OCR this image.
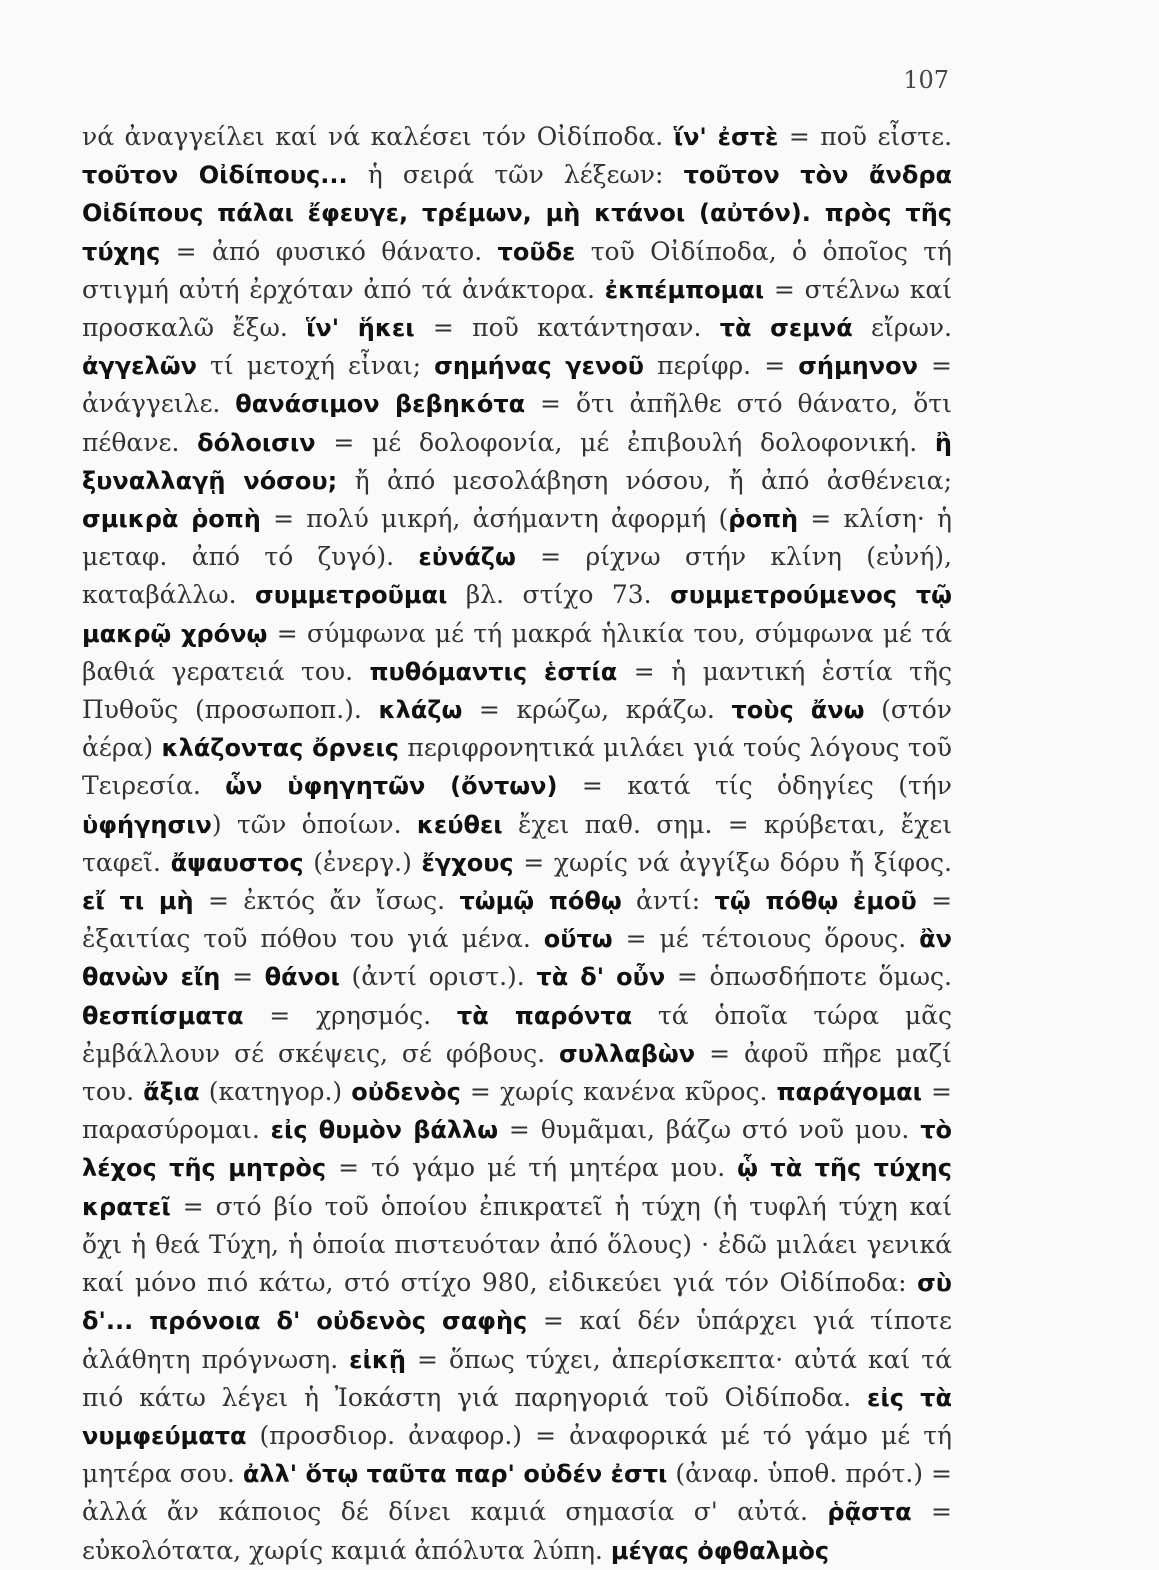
107
νά ἀναγγείλει καί νά καλέσει τόν Οἰδίποδα. ἵν' ἐστὲ = ποῦ εἶστε. τοῦτον Οἰδίπους... ἡ σειρά τῶν λέξεων: τοῦτον τὸν ἄνδρα Οἰδίπους πάλαι ἔφευγε, τρέμων, μὴ κτάνοι (αὐτόν). πρὸς τῆς τύχης = ἀπό φυσικό θάνατο. τοῦδε τοῦ Οἰδίποδα, ὁ ὁποῖος τή στιγμή αὐτή ἐρχόταν ἀπό τά ἀνάκτορα. ἐκπέμπομαι = στέλνω καί προσκαλῶ ἔξω. ἵν' ἥκει = ποῦ κατάντησαν. τὰ σεμνά εἴρων. ἀγγελῶν τί μετοχή εἶναι; σημήνας γενοῦ περίφρ. = σήμηνον = ἀνάγγειλε. θανάσιμον βεβηκότα = ὅτι ἀπῆλθε στό θάνατο, ὅτι πέθανε. δόλοισιν = μέ δολοφονία, μέ ἐπιβουλή δολοφονική. ἢ ξυναλλαγῇ νόσου; ἤ ἀπό μεσολάβηση νόσου, ἤ ἀπό ἀσθένεια; σμικρὰ ῥοπὴ = πολύ μικρή, ἀσήμαντη ἀφορμή (ῥοπὴ = κλίση· ἡ μεταφ. ἀπό τό ζυγό). εὐνάζω = ρίχνω στήν κλίνη (εὐνή), καταβάλλω. συμμετροῦμαι βλ. στίχο 73. συμμετρούμενος τῷ μακρῷ χρόνῳ = σύμφωνα μέ τή μακρά ἡλικία του, σύμφωνα μέ τά βαθιά γερατειά του. πυθόμαντις ἑστία = ἡ μαντική ἑστία τῆς Πυθοῦς (προσωποπ.). κλάζω = κρώζω, κράζω. τοὺς ἄνω (στόν ἀέρα) κλάζοντας ὄρνεις περιφρονητικά μιλάει γιά τούς λόγους τοῦ Τειρεσία. ὧν ὑφηγητῶν (ὄντων) = κατά τίς ὁδηγίες (τήν ὑφήγησιν) τῶν ὁποίων. κεύθει ἔχει παθ. σημ. = κρύβεται, ἔχει ταφεῖ. ἄψαυστος (ἐνεργ.) ἔγχους = χωρίς νά ἀγγίξω δόρυ ἤ ξίφος. εἴ τι μὴ = ἐκτός ἄν ἴσως. τὠμῷ πόθῳ ἀντί: τῷ πόθῳ ἐμοῦ = ἐξαιτίας τοῦ πόθου του γιά μένα. οὕτω = μέ τέτοιους ὅρους. ἂν θανὼν εἴη = θάνοι (ἀντί οριστ.). τὰ δ' οὖν = ὁπωσδήποτε ὅμως. θεσπίσματα = χρησμός. τὰ παρόντα τά ὁποῖα τώρα μᾶς ἐμβάλλουν σέ σκέψεις, σέ φόβους. συλλαβὼν = ἀφοῦ πῆρε μαζί του. ἄξια (κατηγορ.) οὐδενὸς = χωρίς κανένα κῦρος. παράγομαι = παρασύρομαι. εἰς θυμὸν βάλλω = θυμᾶμαι, βάζω στό νοῦ μου. τὸ λέχος τῆς μητρὸς = τό γάμο μέ τή μητέρα μου. ᾧ τὰ τῆς τύχης κρατεῖ = στό βίο τοῦ ὁποίου ἐπικρατεῖ ἡ τύχη (ἡ τυφλή τύχη καί ὄχι ἡ θεά Τύχη, ἡ ὁποία πιστευόταν ἀπό ὅλους) · ἐδῶ μιλάει γενικά καί μόνο πιό κάτω, στό στίχο 980, εἰδικεύει γιά τόν Οἰδίποδα: σὺ δ'... πρόνοια δ' οὐδενὸς σαφὴς = καί δέν ὑπάρχει γιά τίποτε ἀλάθητη πρόγνωση. εἰκῇ = ὅπως τύχει, ἀπερίσκεπτα· αὐτά καί τά πιό κάτω λέγει ἡ Ἰοκάστη γιά παρηγοριά τοῦ Οἰδίποδα. εἰς τὰ νυμφεύματα (προσδιορ. ἀναφορ.) = ἀναφορικά μέ τό γάμο μέ τή μητέρα σου. ἀλλ' ὅτῳ ταῦτα παρ' οὐδέν ἐστι (ἀναφ. ὑποθ. πρότ.) = ἀλλά ἄν κάποιος δέ δίνει καμιά σημασία σ' αὐτά. ῥᾷστα = εὐκολότατα, χωρίς καμιά ἀπόλυτα λύπη. μέγας ὀφθαλμὸς
